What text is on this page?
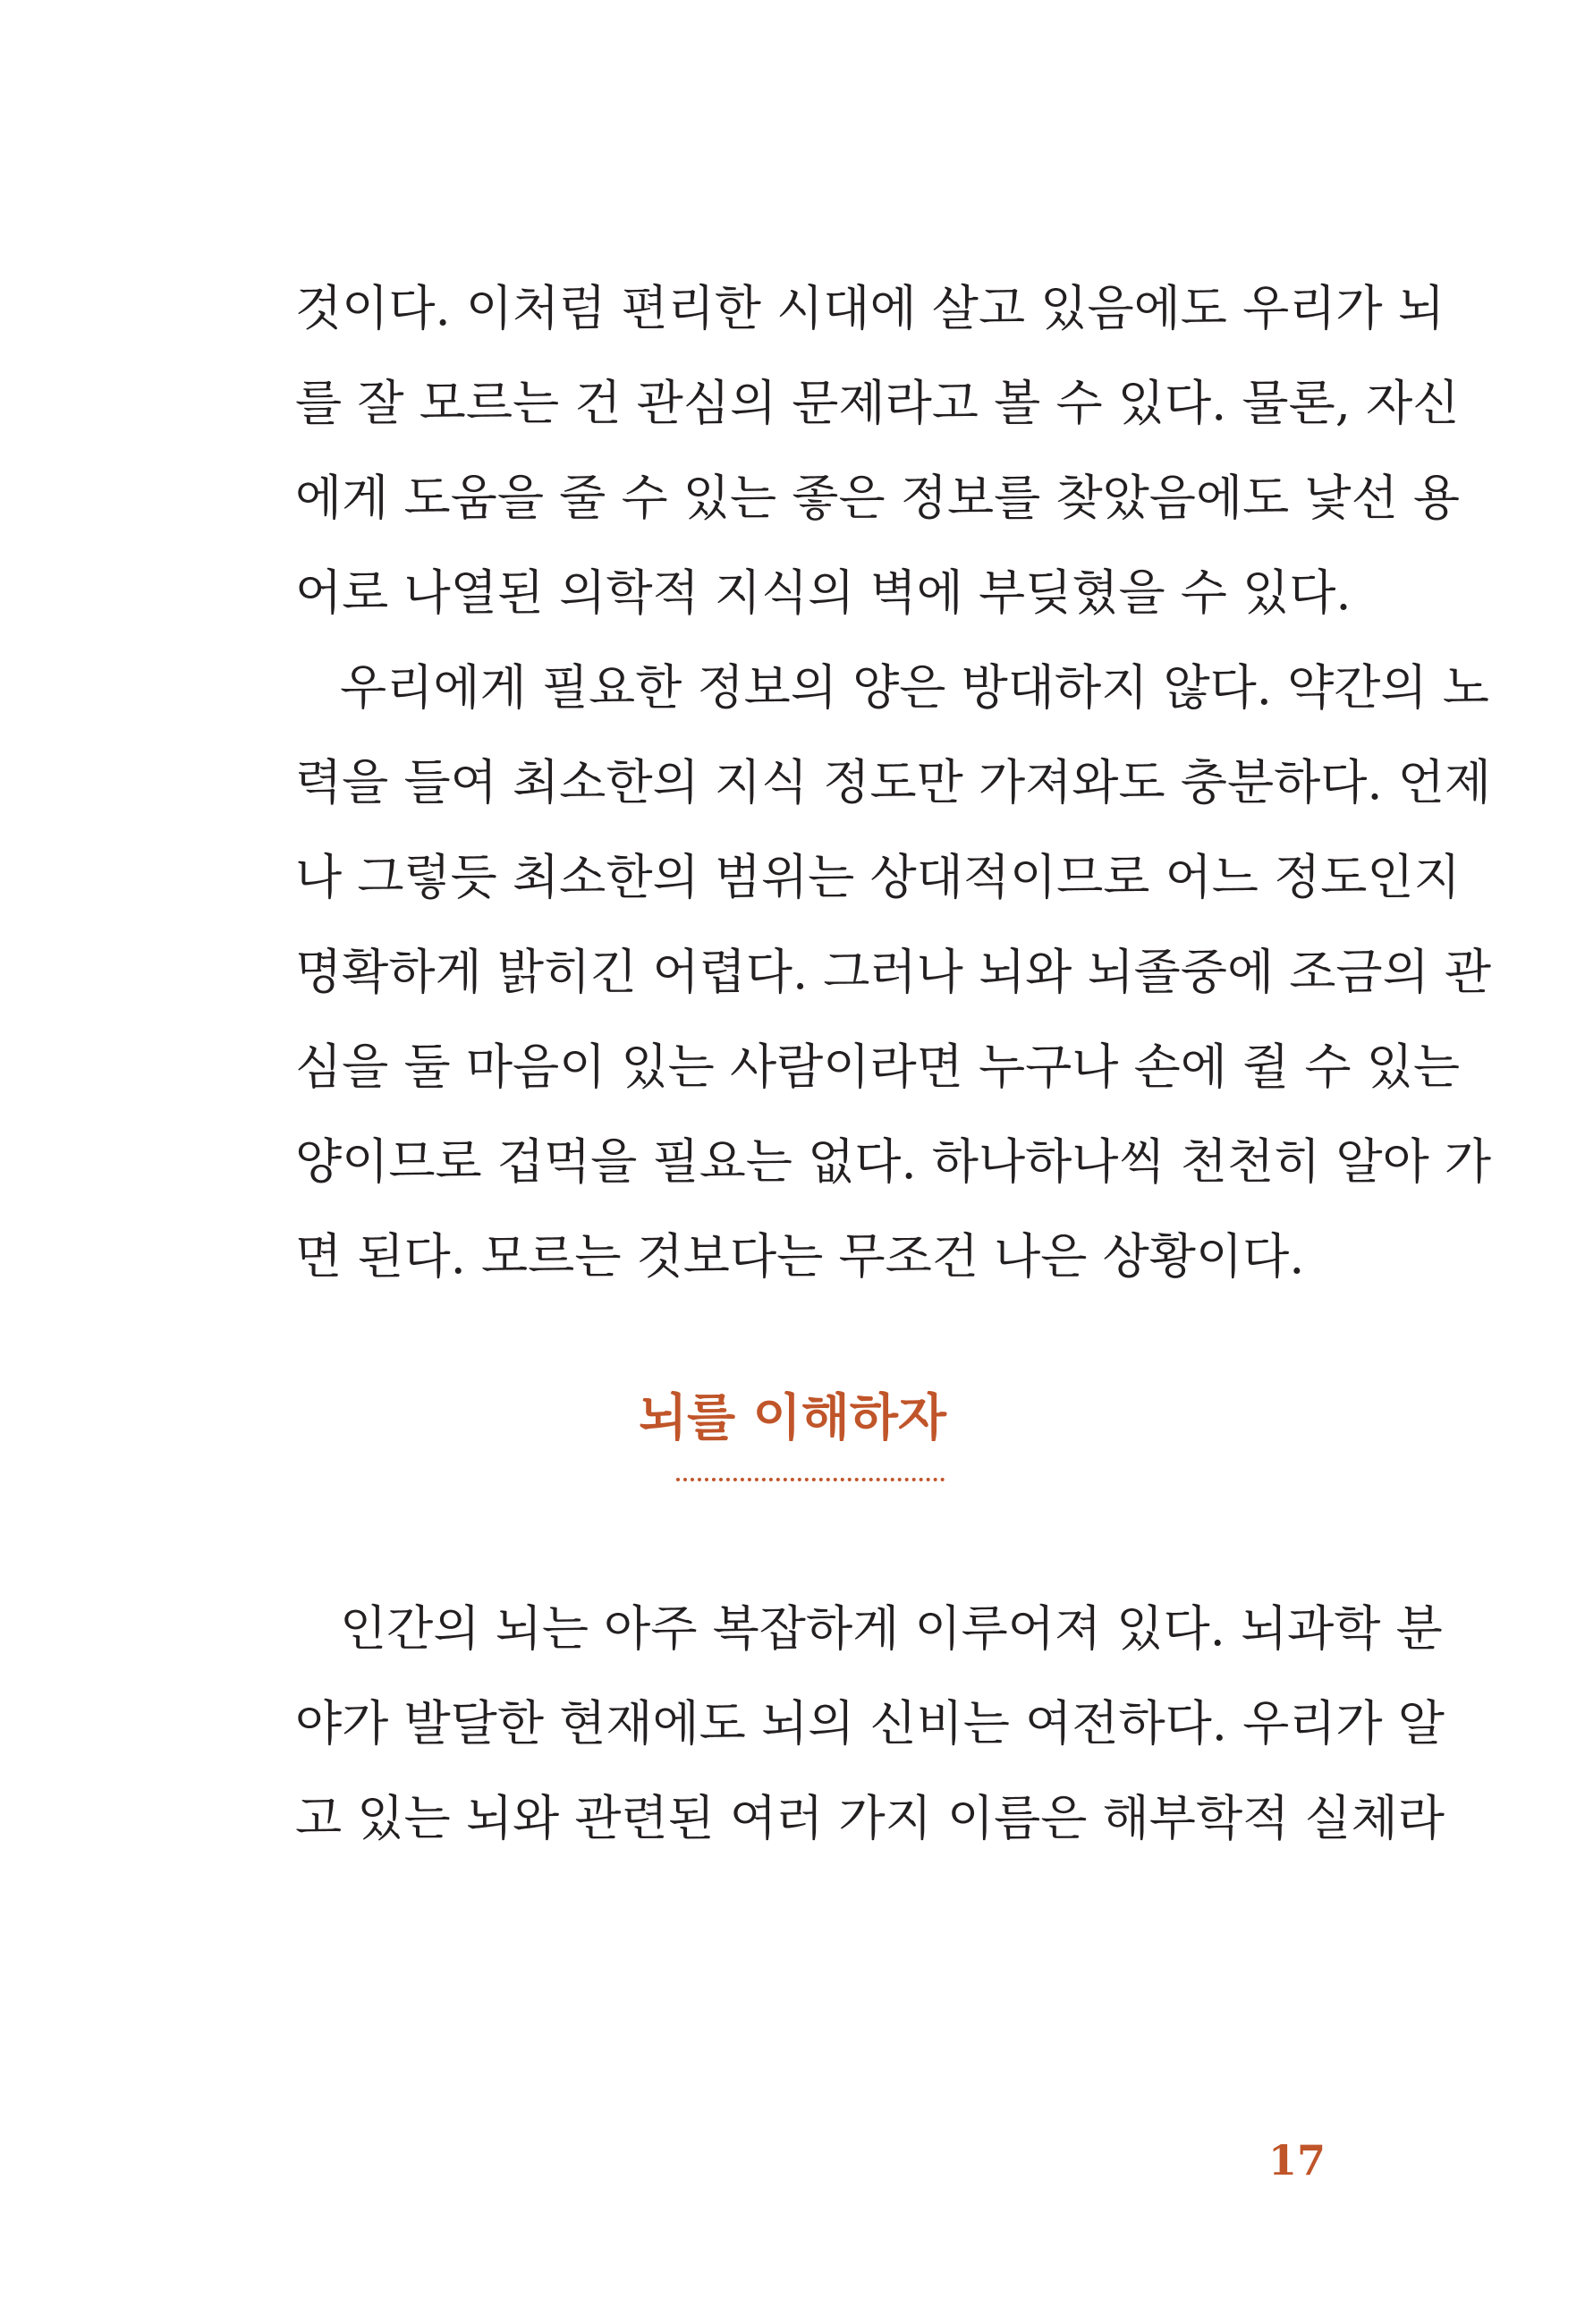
것이다. 이처럼 편리한 시대에 살고 있음에도 우리가 뇌
를 잘 모르는 건 관심의 문제라고 볼 수 있다. 물론, 자신
에게 도움을 줄 수 있는 좋은 정보를 찾았음에도 낯선 용
어로 나열된 의학적 지식의 벽에 부딪혔을 수 있다.
우리에게 필요한 정보의 양은 방대하지 않다. 약간의 노
력을 들여 최소한의 지식 정도만 가져와도 충분하다. 언제
나 그렇듯 최소한의 범위는 상대적이므로 어느 정도인지
명확하게 밝히긴 어렵다. 그러나 뇌와 뇌졸중에 조금의 관
심을 둘 마음이 있는 사람이라면 누구나 손에 쥘 수 있는
양이므로 겁먹을 필요는 없다. 하나하나씩 천천히 알아 가
면 된다. 모르는 것보다는 무조건 나은 상황이다.
뇌를 이해하자
인간의 뇌는 아주 복잡하게 이루어져 있다. 뇌과학 분
야가 발달한 현재에도 뇌의 신비는 여전하다. 우리가 알
고 있는 뇌와 관련된 여러 가지 이름은 해부학적 실체라
17
